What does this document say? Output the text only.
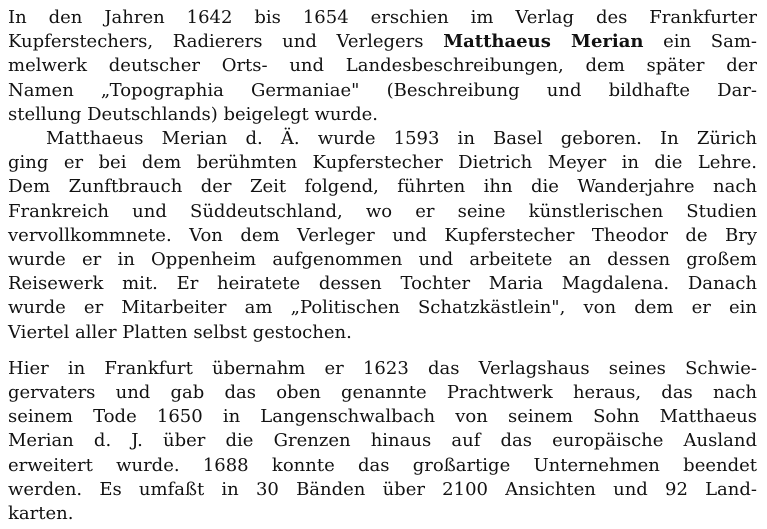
In den Jahren 1642 bis 1654 erschien im Verlag des Frankfurter
Kupferstechers, Radierers und Verlegers Matthaeus Merian ein Sam-
melwerk deutscher Orts- und Landesbeschreibungen, dem später der
Namen „Topographia Germaniae" (Beschreibung und bildhafte Dar-
stellung Deutschlands) beigelegt wurde.
Matthaeus Merian d. Ä. wurde 1593 in Basel geboren. In Zürich
ging er bei dem berühmten Kupferstecher Dietrich Meyer in die Lehre.
Dem Zunftbrauch der Zeit folgend, führten ihn die Wanderjahre nach
Frankreich und Süddeutschland, wo er seine künstlerischen Studien
vervollkommnete. Von dem Verleger und Kupferstecher Theodor de Bry
wurde er in Oppenheim aufgenommen und arbeitete an dessen großem
Reisewerk mit. Er heiratete dessen Tochter Maria Magdalena. Danach
wurde er Mitarbeiter am „Politischen Schatzkästlein", von dem er ein
Viertel aller Platten selbst gestochen.
Hier in Frankfurt übernahm er 1623 das Verlagshaus seines Schwie-
gervaters und gab das oben genannte Prachtwerk heraus, das nach
seinem Tode 1650 in Langenschwalbach von seinem Sohn Matthaeus
Merian d. J. über die Grenzen hinaus auf das europäische Ausland
erweitert wurde. 1688 konnte das großartige Unternehmen beendet
werden. Es umfaßt in 30 Bänden über 2100 Ansichten und 92 Land-
karten.
